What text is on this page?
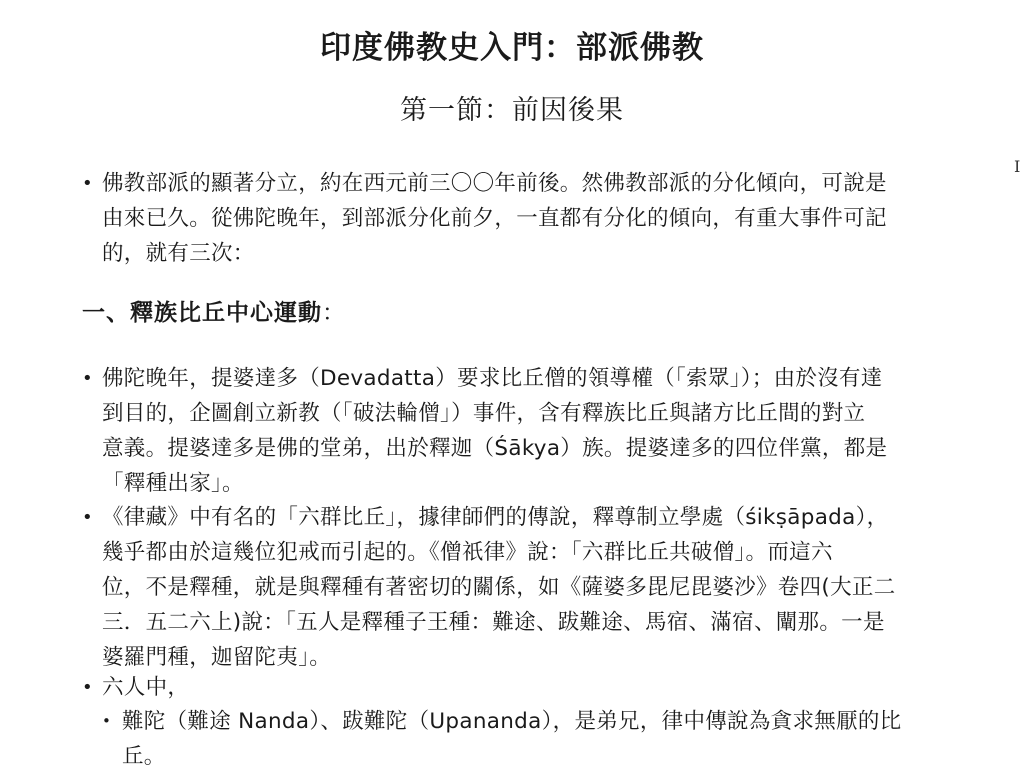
印度佛教史入門：部派佛教
第一節：前因後果
I
• 佛教部派的顯著分立，約在西元前三〇〇年前後。然佛教部派的分化傾向，可說是
由來已久。從佛陀晚年，到部派分化前夕，一直都有分化的傾向，有重大事件可記
的，就有三次：
一、釋族比丘中心運動：
• 佛陀晚年，提婆達多（Devadatta）要求比丘僧的領導權（「索眾」）；由於沒有達
到目的，企圖創立新教（「破法輪僧」）事件，含有釋族比丘與諸方比丘間的對立
意義。提婆達多是佛的堂弟，出於釋迦（Śākya）族。提婆達多的四位伴黨，都是
「釋種出家」。
• 《律藏》中有名的「六群比丘」，據律師們的傳說，釋尊制立學處（śikṣāpada），
幾乎都由於這幾位犯戒而引起的。《僧祇律》說：「六群比丘共破僧」。而這六
位，不是釋種，就是與釋種有著密切的關係，如《薩婆多毘尼毘婆沙》卷四(大正二
三．五二六上)說：「五人是釋種子王種：難途、跋難途、馬宿、滿宿、闡那。一是
婆羅門種，迦留陀夷」。
• 六人中，
• 難陀（難途 Nanda）、跋難陀（Upananda），是弟兄，律中傳說為貪求無厭的比
丘。
